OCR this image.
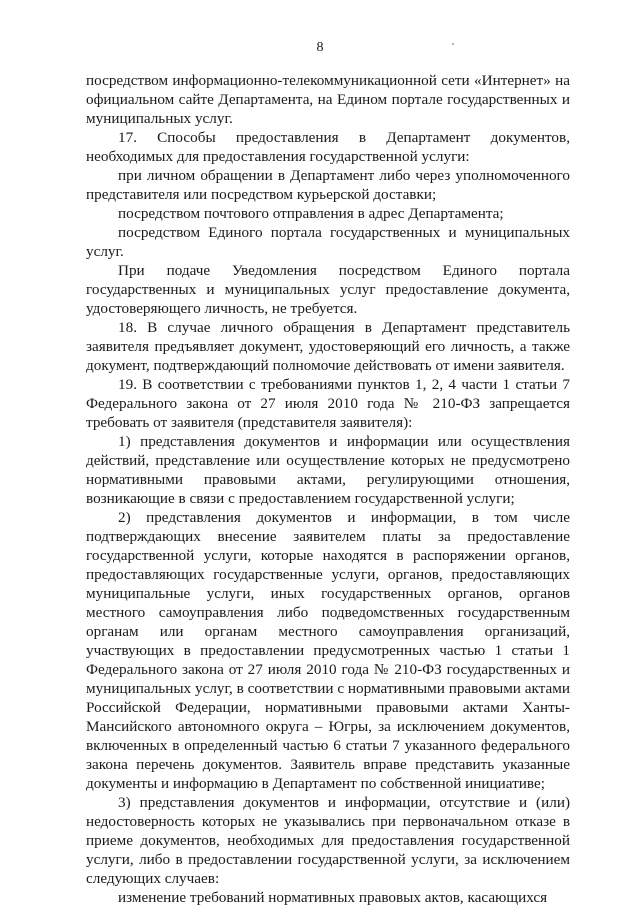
8

посредством информационно-телекоммуникационной сети «Интернет» на официальном сайте Департамента, на Едином портале государственных и муниципальных услуг.

17. Способы предоставления в Департамент документов, необходимых для предоставления государственной услуги:

при личном обращении в Департамент либо через уполномоченного представителя или посредством курьерской доставки;

посредством почтового отправления в адрес Департамента;

посредством Единого портала государственных и муниципальных услуг.

При подаче Уведомления посредством Единого портала государственных и муниципальных услуг предоставление документа, удостоверяющего личность, не требуется.

18. В случае личного обращения в Департамент представитель заявителя предъявляет документ, удостоверяющий его личность, а также документ, подтверждающий полномочие действовать от имени заявителя.

19. В соответствии с требованиями пунктов 1, 2, 4 части 1 статьи 7 Федерального закона от 27 июля 2010 года № 210-ФЗ запрещается требовать от заявителя (представителя заявителя):

1) представления документов и информации или осуществления действий, представление или осуществление которых не предусмотрено нормативными правовыми актами, регулирующими отношения, возникающие в связи с предоставлением государственной услуги;

2) представления документов и информации, в том числе подтверждающих внесение заявителем платы за предоставление государственной услуги, которые находятся в распоряжении органов, предоставляющих государственные услуги, органов, предоставляющих муниципальные услуги, иных государственных органов, органов местного самоуправления либо подведомственных государственным органам или органам местного самоуправления организаций, участвующих в предоставлении предусмотренных частью 1 статьи 1 Федерального закона от 27 июля 2010 года № 210-ФЗ государственных и муниципальных услуг, в соответствии с нормативными правовыми актами Российской Федерации, нормативными правовыми актами Ханты-Мансийского автономного округа – Югры, за исключением документов, включенных в определенный частью 6 статьи 7 указанного федерального закона перечень документов. Заявитель вправе представить указанные документы и информацию в Департамент по собственной инициативе;

3) представления документов и информации, отсутствие и (или) недостоверность которых не указывались при первоначальном отказе в приеме документов, необходимых для предоставления государственной услуги, либо в предоставлении государственной услуги, за исключением следующих случаев:

изменение требований нормативных правовых актов, касающихся
